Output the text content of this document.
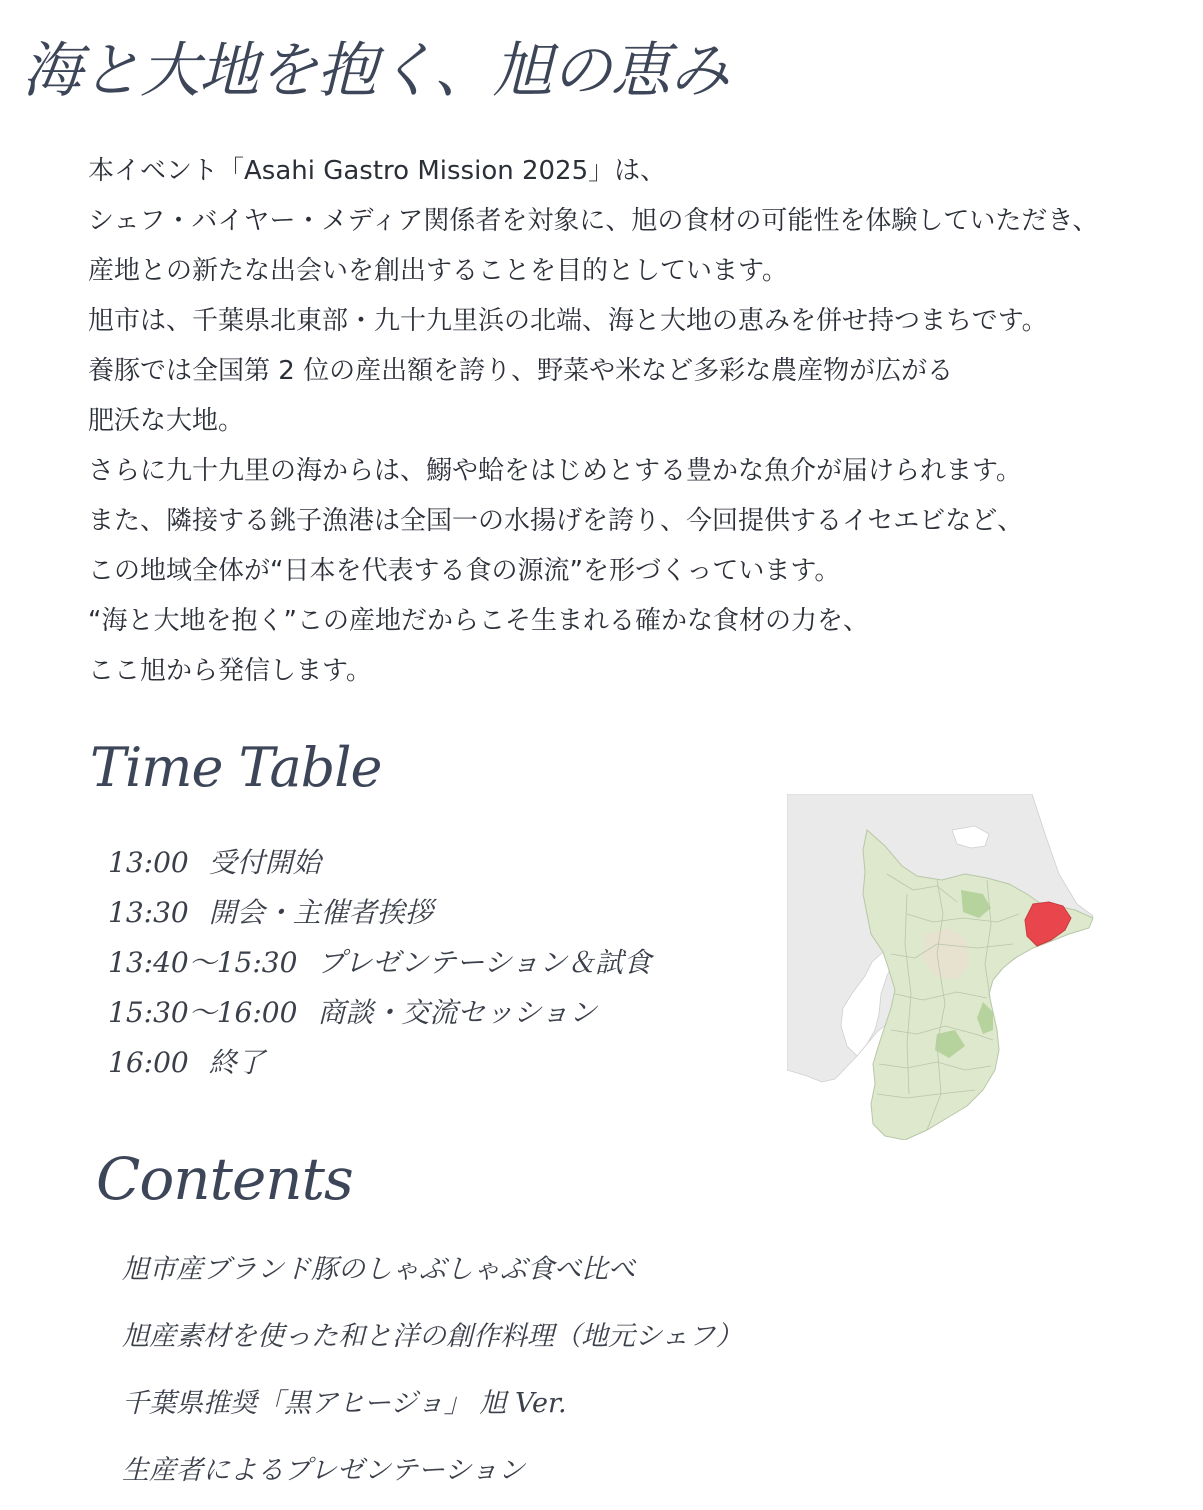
海と大地を抱く、旭の恵み
本イベント「Asahi Gastro Mission 2025」は、
シェフ・バイヤー・メディア関係者を対象に、旭の食材の可能性を体験していただき、
産地との新たな出会いを創出することを目的としています。
旭市は、千葉県北東部・九十九里浜の北端、海と大地の恵みを併せ持つまちです。
養豚では全国第 2 位の産出額を誇り、野菜や米など多彩な農産物が広がる
肥沃な大地。
さらに九十九里の海からは、鰯や蛤をはじめとする豊かな魚介が届けられます。
また、隣接する銚子漁港は全国一の水揚げを誇り、今回提供するイセエビなど、
この地域全体が“日本を代表する食の源流”を形づくっています。
“海と大地を抱く”この産地だからこそ生まれる確かな食材の力を、
ここ旭から発信します。
Time Table
13:00 受付開始
13:30 開会・主催者挨拶
13:40〜15:30 プレゼンテーション＆試食
15:30〜16:00 商談・交流セッション
16:00 終了
Contents
旭市産ブランド豚のしゃぶしゃぶ食べ比べ
旭産素材を使った和と洋の創作料理（地元シェフ）
千葉県推奨「黒アヒージョ」 旭 Ver.
生産者によるプレゼンテーション
